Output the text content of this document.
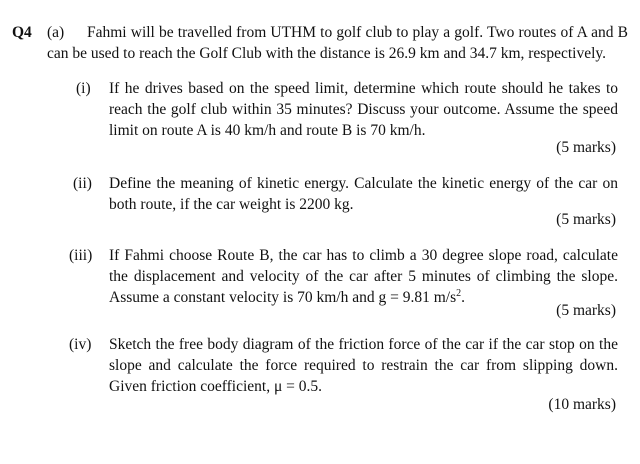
Q4 (a)	Fahmi will be travelled from UTHM to golf club to play a golf. Two routes of A and B can be used to reach the Golf Club with the distance is 26.9 km and 34.7 km, respectively.
(i) If he drives based on the speed limit, determine which route should he takes to reach the golf club within 35 minutes? Discuss your outcome. Assume the speed limit on route A is 40 km/h and route B is 70 km/h.
(5 marks)
(ii) Define the meaning of kinetic energy. Calculate the kinetic energy of the car on both route, if the car weight is 2200 kg.
(5 marks)
(iii) If Fahmi choose Route B, the car has to climb a 30 degree slope road, calculate the displacement and velocity of the car after 5 minutes of climbing the slope. Assume a constant velocity is 70 km/h and g = 9.81 $m/s^2$.
(5 marks)
(iv) Sketch the free body diagram of the friction force of the car if the car stop on the slope and calculate the force required to restrain the car from slipping down. Given friction coefficient, μ = 0.5.
(10 marks)
